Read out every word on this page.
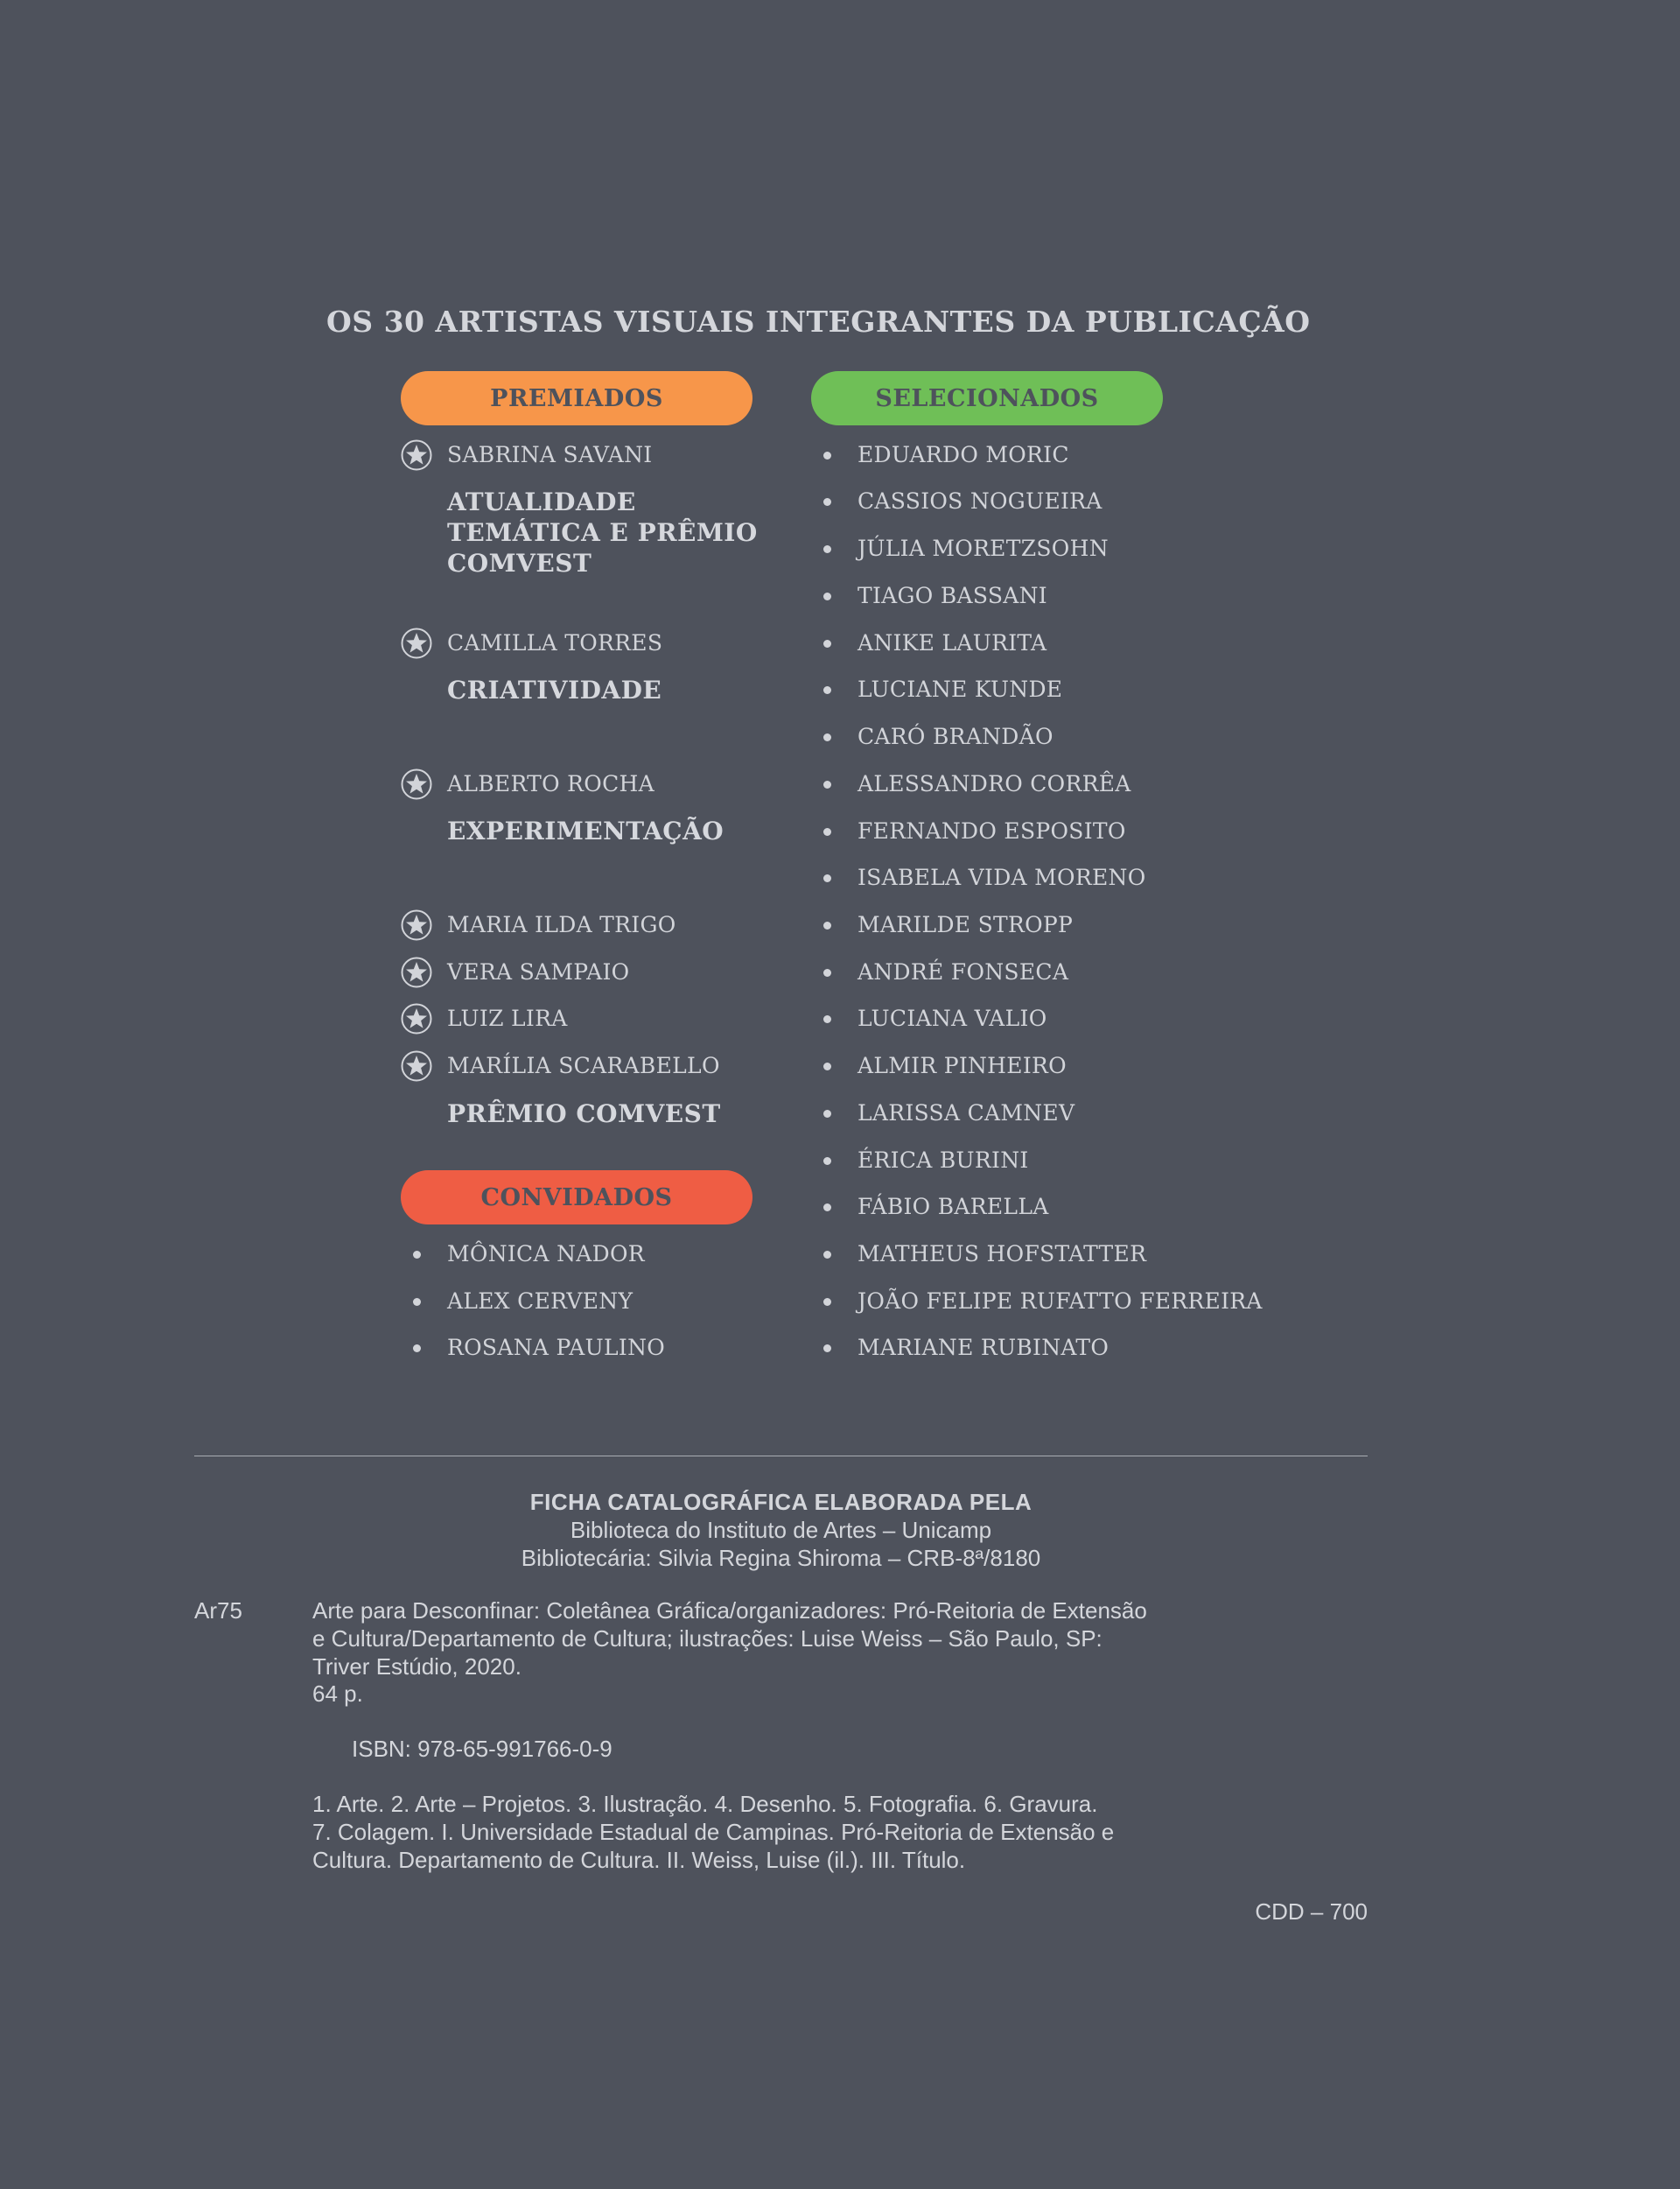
OS 30 ARTISTAS VISUAIS INTEGRANTES DA PUBLICAÇÃO
PREMIADOS	SELECIONADOS
CONVIDADOS
SABRINA SAVANI
ATUALIDADE TEMÁTICA E PRÊMIO COMVEST
CAMILLA TORRES
CRIATIVIDADE
ALBERTO ROCHA
EXPERIMENTAÇÃO
MARIA ILDA TRIGO
VERA SAMPAIO
LUIZ LIRA
MARÍLIA SCARABELLO
PRÊMIO COMVEST
MÔNICA NADOR
ALEX CERVENY
ROSANA PAULINO
EDUARDO MORIC
CASSIOS NOGUEIRA
JÚLIA MORETZSOHN
TIAGO BASSANI
ANIKE LAURITA
LUCIANE KUNDE
CARÓ BRANDÃO
ALESSANDRO CORRÊA
FERNANDO ESPOSITO
ISABELA VIDA MORENO
MARILDE STROPP
ANDRÉ FONSECA
LUCIANA VALIO
ALMIR PINHEIRO
LARISSA CAMNEV
ÉRICA BURINI
FÁBIO BARELLA
MATHEUS HOFSTATTER
JOÃO FELIPE RUFATTO FERREIRA
MARIANE RUBINATO
FICHA CATALOGRÁFICA ELABORADA PELA
Biblioteca do Instituto de Artes – Unicamp
Bibliotecária: Silvia Regina Shiroma – CRB-8ª/8180
Ar75	Arte para Desconfinar: Coletânea Gráfica/organizadores: Pró-Reitoria de Extensão
e Cultura/Departamento de Cultura; ilustrações: Luise Weiss – São Paulo, SP:
Triver Estúdio, 2020.
64 p.
ISBN: 978-65-991766-0-9
1. Arte. 2. Arte – Projetos. 3. Ilustração. 4. Desenho. 5. Fotografia. 6. Gravura.
7. Colagem. I. Universidade Estadual de Campinas. Pró-Reitoria de Extensão e
Cultura. Departamento de Cultura. II. Weiss, Luise (il.). III. Título.
CDD – 700
